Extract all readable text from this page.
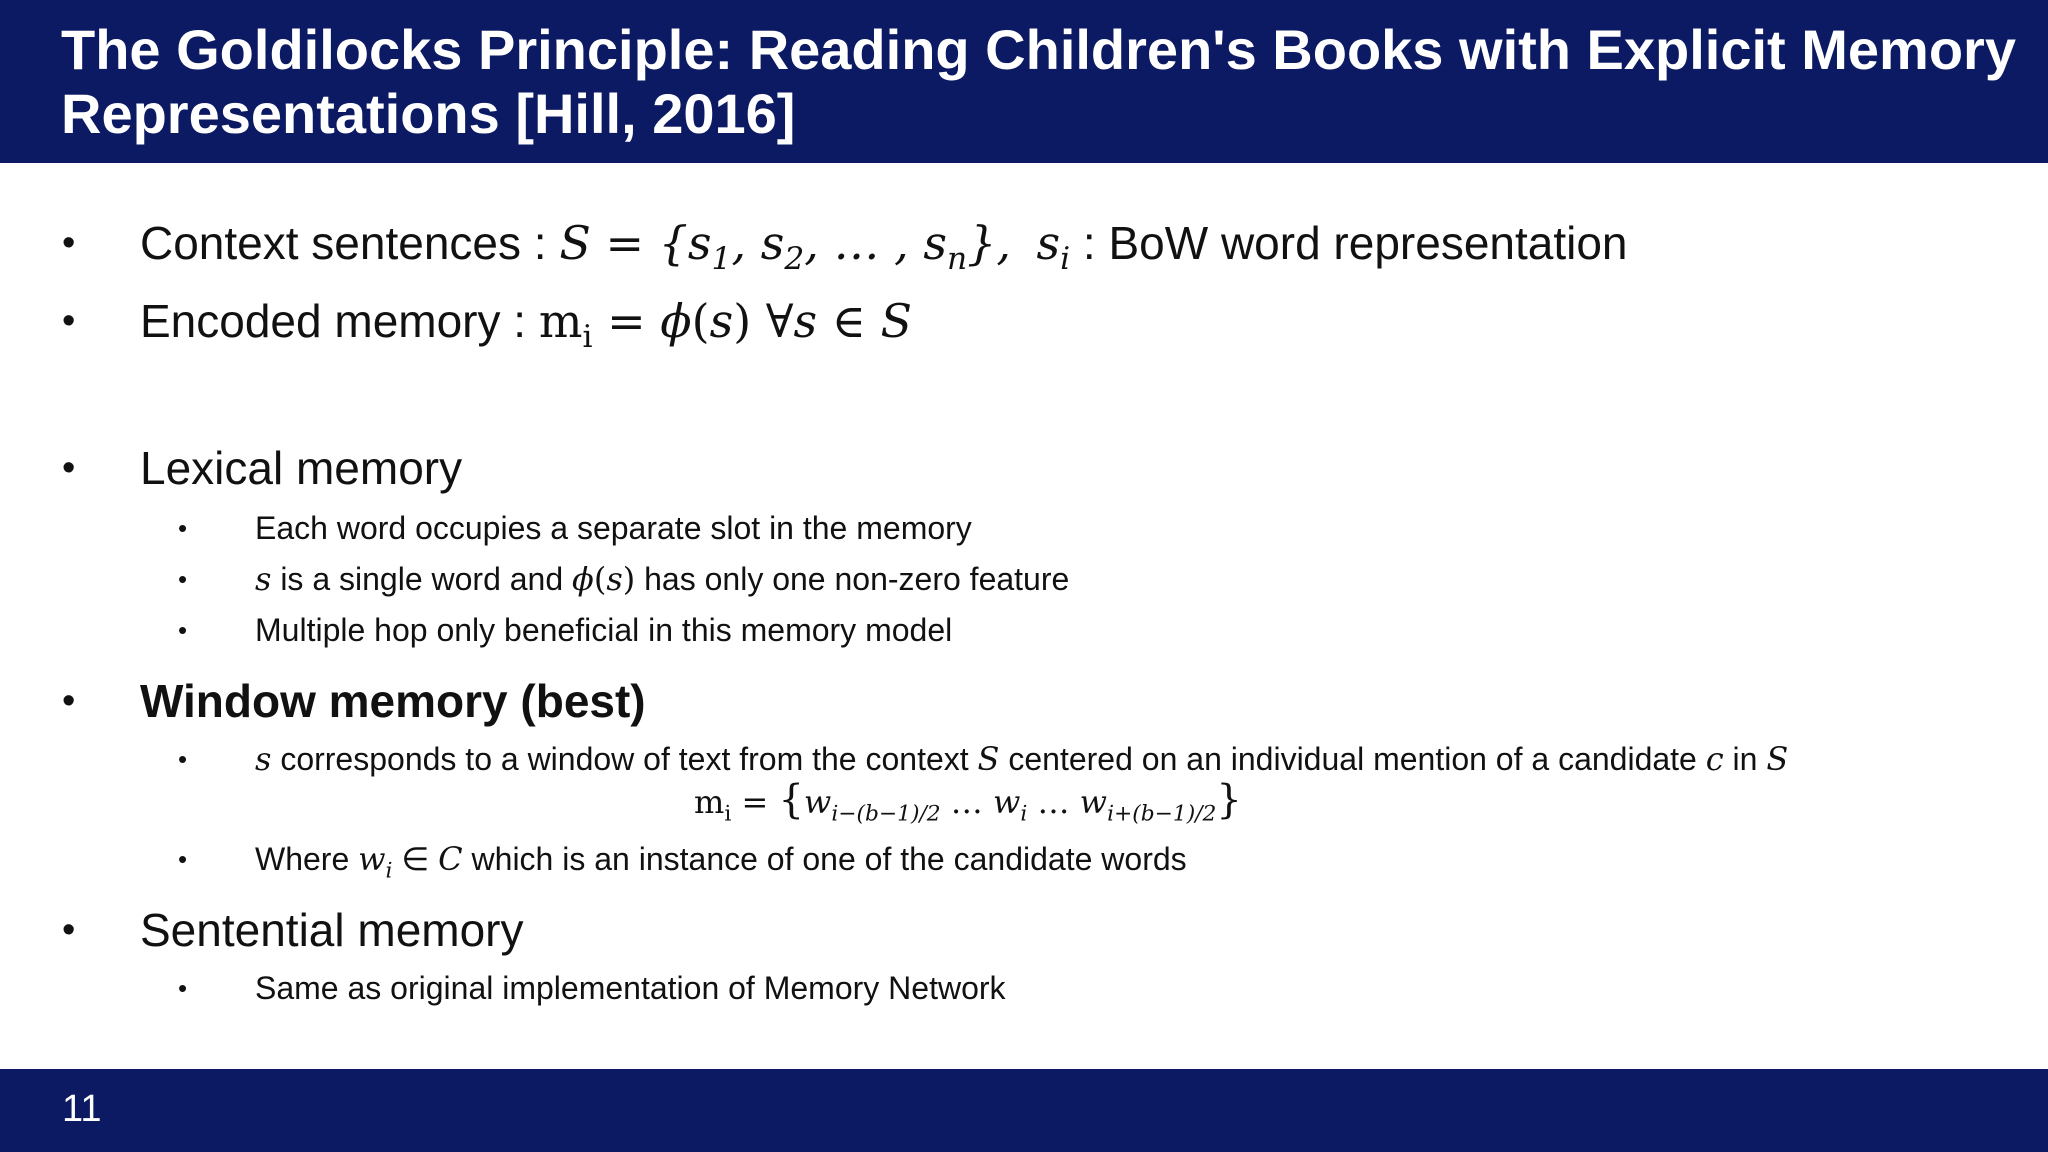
The Goldilocks Principle: Reading Children's Books with Explicit Memory Representations [Hill, 2016]
• Context sentences : $S = \{s_1$, $s_2$, … , $s_n$}, $s_i$ : BoW word representation
• Encoded memory : $m_i = \phi(s)$ ∀s ∈ S
• Lexical memory
• Each word occupies a separate slot in the memory
• s is a single word and ϕ(s) has only one non-zero feature
• Multiple hop only beneficial in this memory model
• Window memory (best)
• s corresponds to a window of text from the context S centered on an individual mention of a candidate c in S
$m_i = \{w_{i-(b-1)/2}$ … $w_i$ … $w_{i+(b-1)/2}$}
• Where $w_i$ ∈ C which is an instance of one of the candidate words
• Sentential memory
• Same as original implementation of Memory Network
11
